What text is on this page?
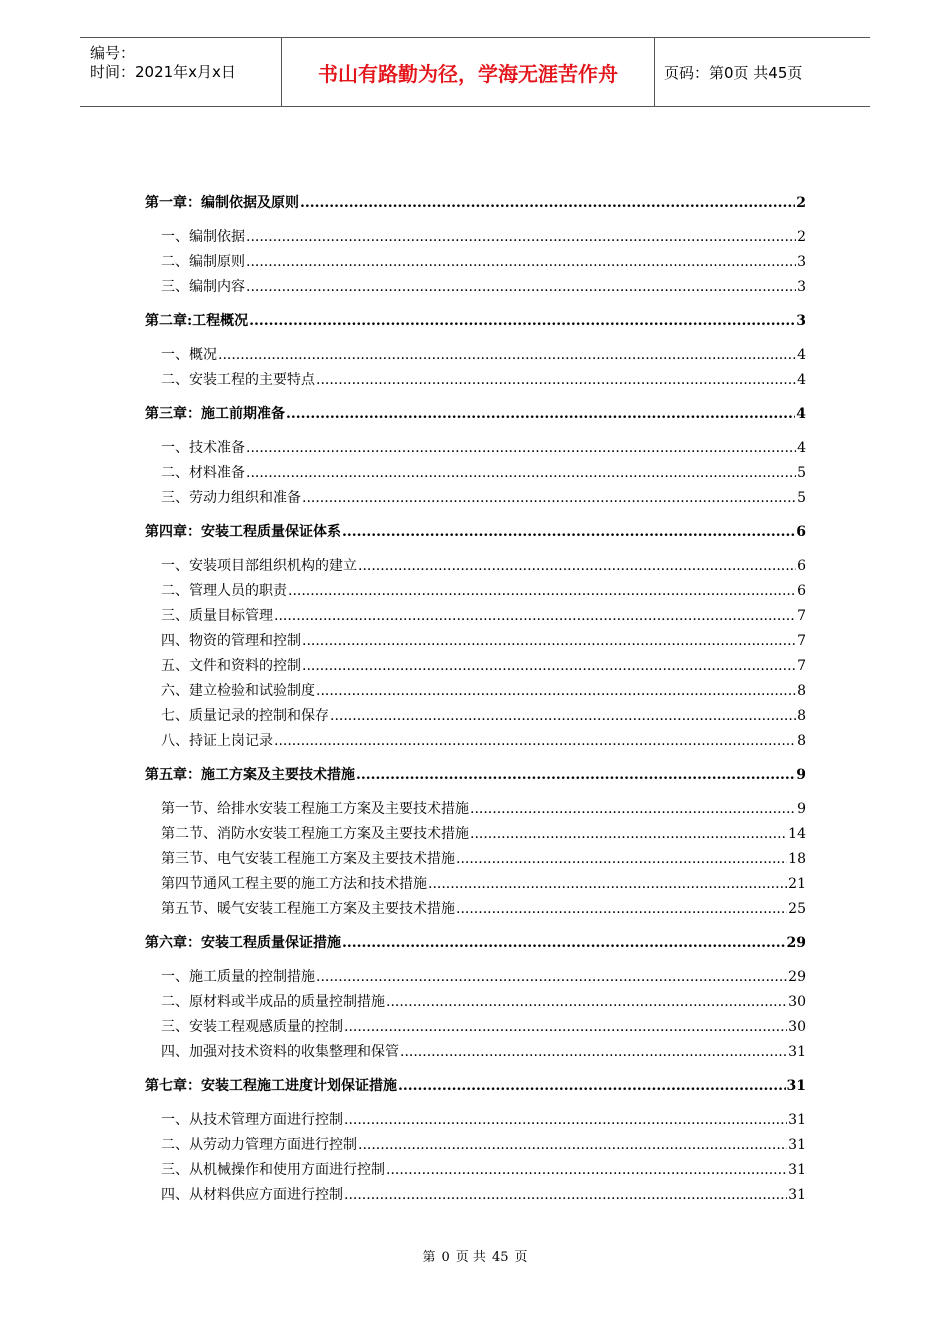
编号：
时间：2021年x月x日	书山有路勤为径，学海无涯苦作舟	页码：第0页 共45页
第一章：编制依据及原则 .....	2
一、编制依据 .....	2
二、编制原则 .....	3
三、编制内容 .....	3
第二章:工程概况 .....	3
一、概况 .....	4
二、安装工程的主要特点 .....	4
第三章：施工前期准备 .....	4
一、技术准备 .....	4
二、材料准备 .....	5
三、劳动力组织和准备 .....	5
第四章：安装工程质量保证体系 .....	6
一、安装项目部组织机构的建立 .....	6
二、管理人员的职责 .....	6
三、质量目标管理 .....	7
四、物资的管理和控制 .....	7
五、文件和资料的控制 .....	7
六、建立检验和试验制度 .....	8
七、质量记录的控制和保存 .....	8
八、持证上岗记录 .....	8
第五章：施工方案及主要技术措施 .....	9
第一节、给排水安装工程施工方案及主要技术措施 .....	9
第二节、消防水安装工程施工方案及主要技术措施 .....	14
第三节、电气安装工程施工方案及主要技术措施 .....	18
第四节通风工程主要的施工方法和技术措施 .....	21
第五节、暖气安装工程施工方案及主要技术措施 .....	25
第六章：安装工程质量保证措施 .....	29
一、施工质量的控制措施 .....	29
二、原材料或半成品的质量控制措施 .....	30
三、安装工程观感质量的控制 .....	30
四、加强对技术资料的收集整理和保管 .....	31
第七章：安装工程施工进度计划保证措施 .....	31
一、从技术管理方面进行控制 .....	31
二、从劳动力管理方面进行控制 .....	31
三、从机械操作和使用方面进行控制 .....	31
四、从材料供应方面进行控制 .....	31
第 0 页 共 45 页
